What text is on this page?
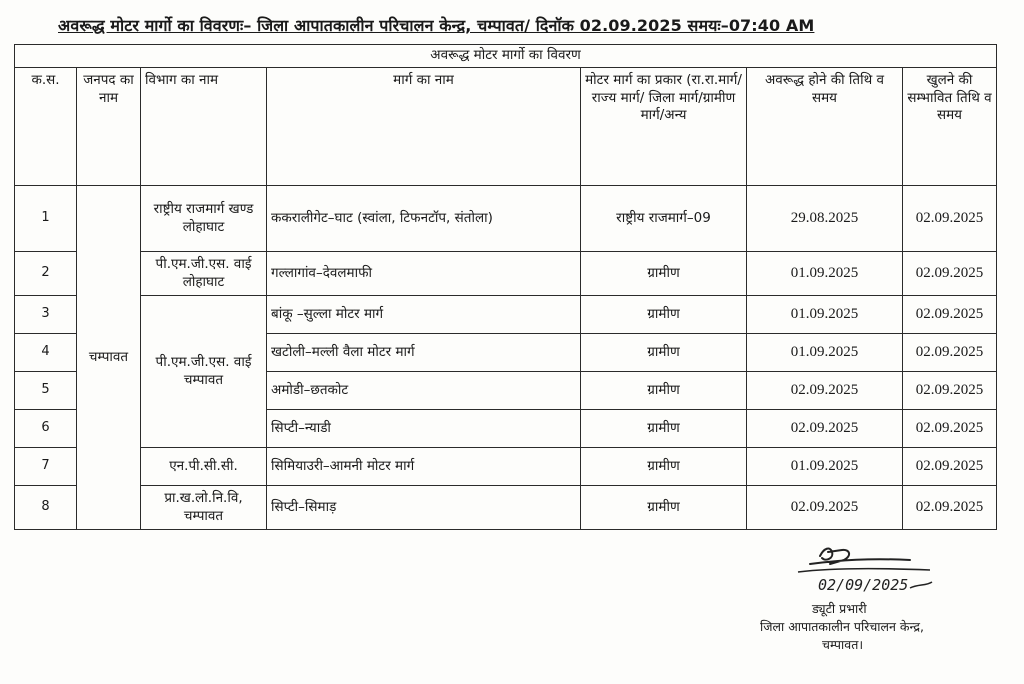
अवरूद्ध मोटर मार्गो का विवरणः– जिला आपातकालीन परिचालन केन्द्र, चम्पावत/ दिनॉक 02.09.2025 समयः–07:40 AM
अवरूद्ध मोटर मार्गो का विवरण						
क.स.	जनपद का नाम	विभाग का नाम	मार्ग का नाम	मोटर मार्ग का प्रकार (रा.रा.मार्ग/राज्य मार्ग/ जिला मार्ग/ग्रामीण मार्ग/अन्य	अवरूद्ध होने की तिथि व समय	खुलने की सम्भावित तिथि व समय
1	चम्पावत	राष्ट्रीय राजमार्ग खण्ड लोहाघाट	ककरालीगेट–घाट (स्वांला, टिफनटॉप, संतोला)	राष्ट्रीय राजमार्ग–09	29.08.2025	02.09.2025
2		पी.एम.जी.एस. वाई लोहाघाट	गल्लागांव–देवलमाफी	ग्रामीण	01.09.2025	02.09.2025
3		पी.एम.जी.एस. वाई चम्पावत	बांकू –सुल्ला मोटर मार्ग	ग्रामीण	01.09.2025	02.09.2025
4			खटोली–मल्ली वैला मोटर मार्ग	ग्रामीण	01.09.2025	02.09.2025
5			अमोडी–छतकोट	ग्रामीण	02.09.2025	02.09.2025
6			सिप्टी–न्याडी	ग्रामीण	02.09.2025	02.09.2025
7		एन.पी.सी.सी.	सिमियाउरी–आमनी मोटर मार्ग	ग्रामीण	01.09.2025	02.09.2025
8		प्रा.ख.लो.नि.वि, चम्पावत	सिप्टी–सिमाड़	ग्रामीण	02.09.2025	02.09.2025
02/09/2025
ड्यूटी प्रभारी
जिला आपातकालीन परिचालन केन्द्र,
चम्पावत।
